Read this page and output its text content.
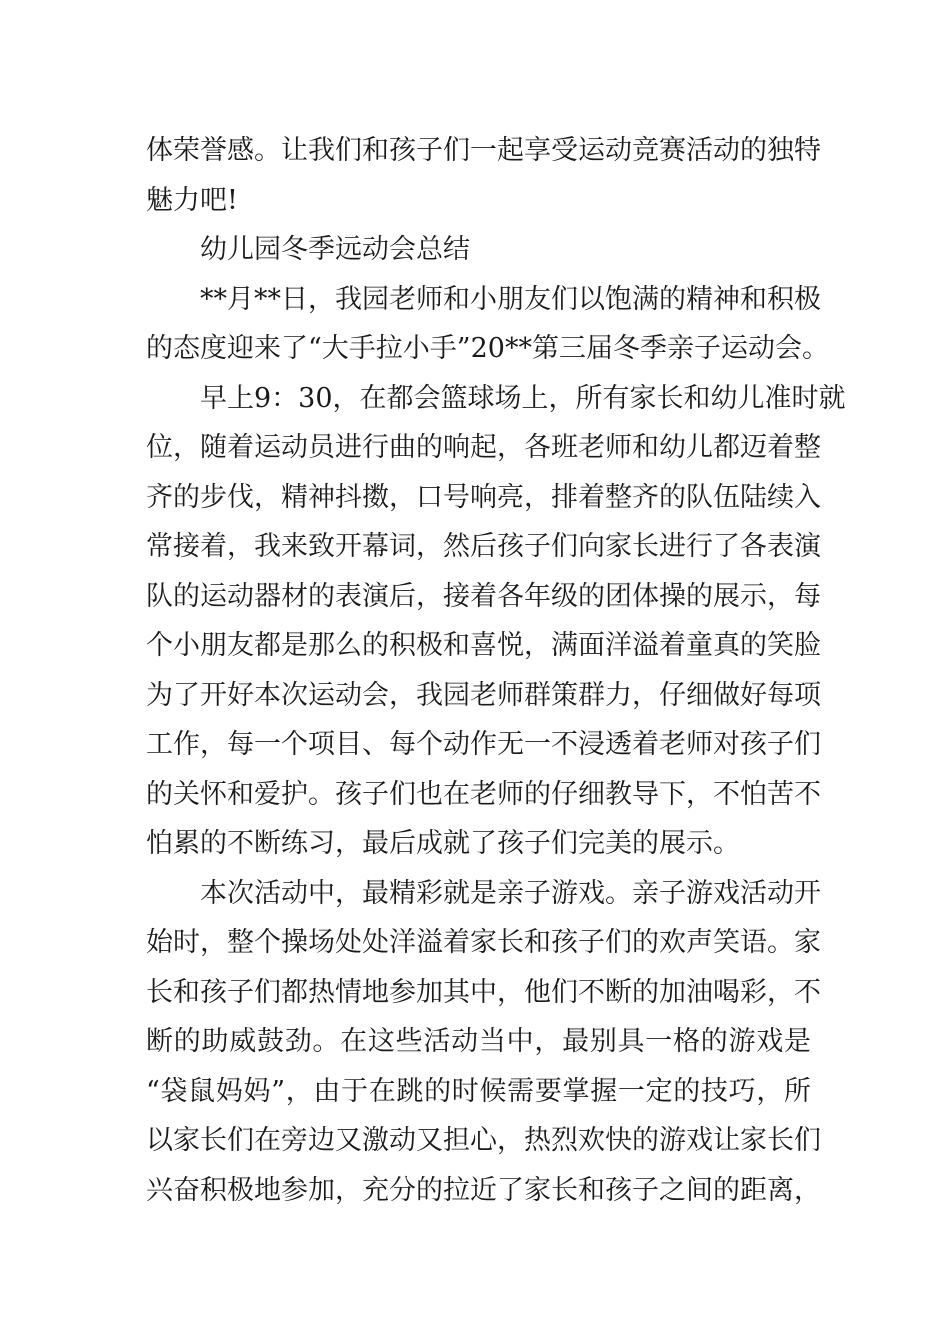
体荣誉感。让我们和孩子们一起享受运动竞赛活动的独特
魅力吧!
幼儿园冬季远动会总结
**月**日，我园老师和小朋友们以饱满的精神和积极
的态度迎来了“大手拉小手”20**第三届冬季亲子运动会。
早上9：30，在都会篮球场上，所有家长和幼儿准时就
位，随着运动员进行曲的响起，各班老师和幼儿都迈着整
齐的步伐，精神抖擞，口号响亮，排着整齐的队伍陆续入
常接着，我来致开幕词，然后孩子们向家长进行了各表演
队的运动器材的表演后，接着各年级的团体操的展示，每
个小朋友都是那么的积极和喜悦，满面洋溢着童真的笑脸
为了开好本次运动会，我园老师群策群力，仔细做好每项
工作，每一个项目、每个动作无一不浸透着老师对孩子们
的关怀和爱护。孩子们也在老师的仔细教导下，不怕苦不
怕累的不断练习，最后成就了孩子们完美的展示。
本次活动中，最精彩就是亲子游戏。亲子游戏活动开
始时，整个操场处处洋溢着家长和孩子们的欢声笑语。家
长和孩子们都热情地参加其中，他们不断的加油喝彩，不
断的助威鼓劲。在这些活动当中，最别具一格的游戏是
“袋鼠妈妈”，由于在跳的时候需要掌握一定的技巧，所
以家长们在旁边又激动又担心，热烈欢快的游戏让家长们
兴奋积极地参加，充分的拉近了家长和孩子之间的距离，
